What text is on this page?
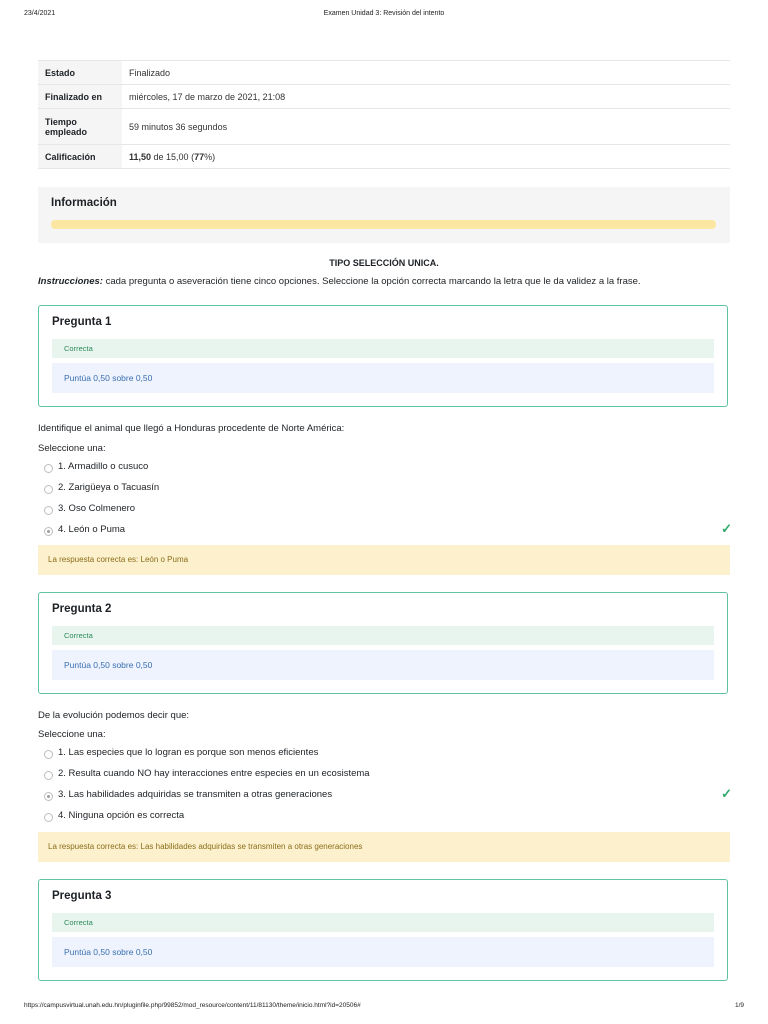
23/4/2021	Examen Unidad 3: Revisión del intento
Estado	Finalizado
Finalizado en	miércoles, 17 de marzo de 2021, 21:08
Tiempo empleado	59 minutos 36 segundos
Calificación	11,50 de 15,00 (77%)
Información
TIPO SELECCIÓN UNICA.
Instrucciones: cada pregunta o aseveración tiene cinco opciones. Seleccione la opción correcta marcando la letra que le da validez a la frase.
Pregunta 1
Correcta
Puntúa 0,50 sobre 0,50
Identifique el animal que llegó a Honduras procedente de Norte América:
Seleccione una:
1. Armadillo o cusuco
2. Zarigüeya o Tacuasín
3. Oso Colmenero
4. León o Puma	✓
La respuesta correcta es: León o Puma
Pregunta 2
Correcta
Puntúa 0,50 sobre 0,50
De la evolución podemos decir que:
Seleccione una:
1. Las especies que lo logran es porque son menos eficientes
2. Resulta cuando NO hay interacciones entre especies en un ecosistema
3. Las habilidades adquiridas se transmiten a otras generaciones	✓
4. Ninguna opción es correcta
La respuesta correcta es: Las habilidades adquiridas se transmiten a otras generaciones
Pregunta 3
Correcta
Puntúa 0,50 sobre 0,50
https://campusvirtual.unah.edu.hn/pluginfile.php/99852/mod_resource/content/11/81130/theme/inicio.html?id=20506#	1/9
